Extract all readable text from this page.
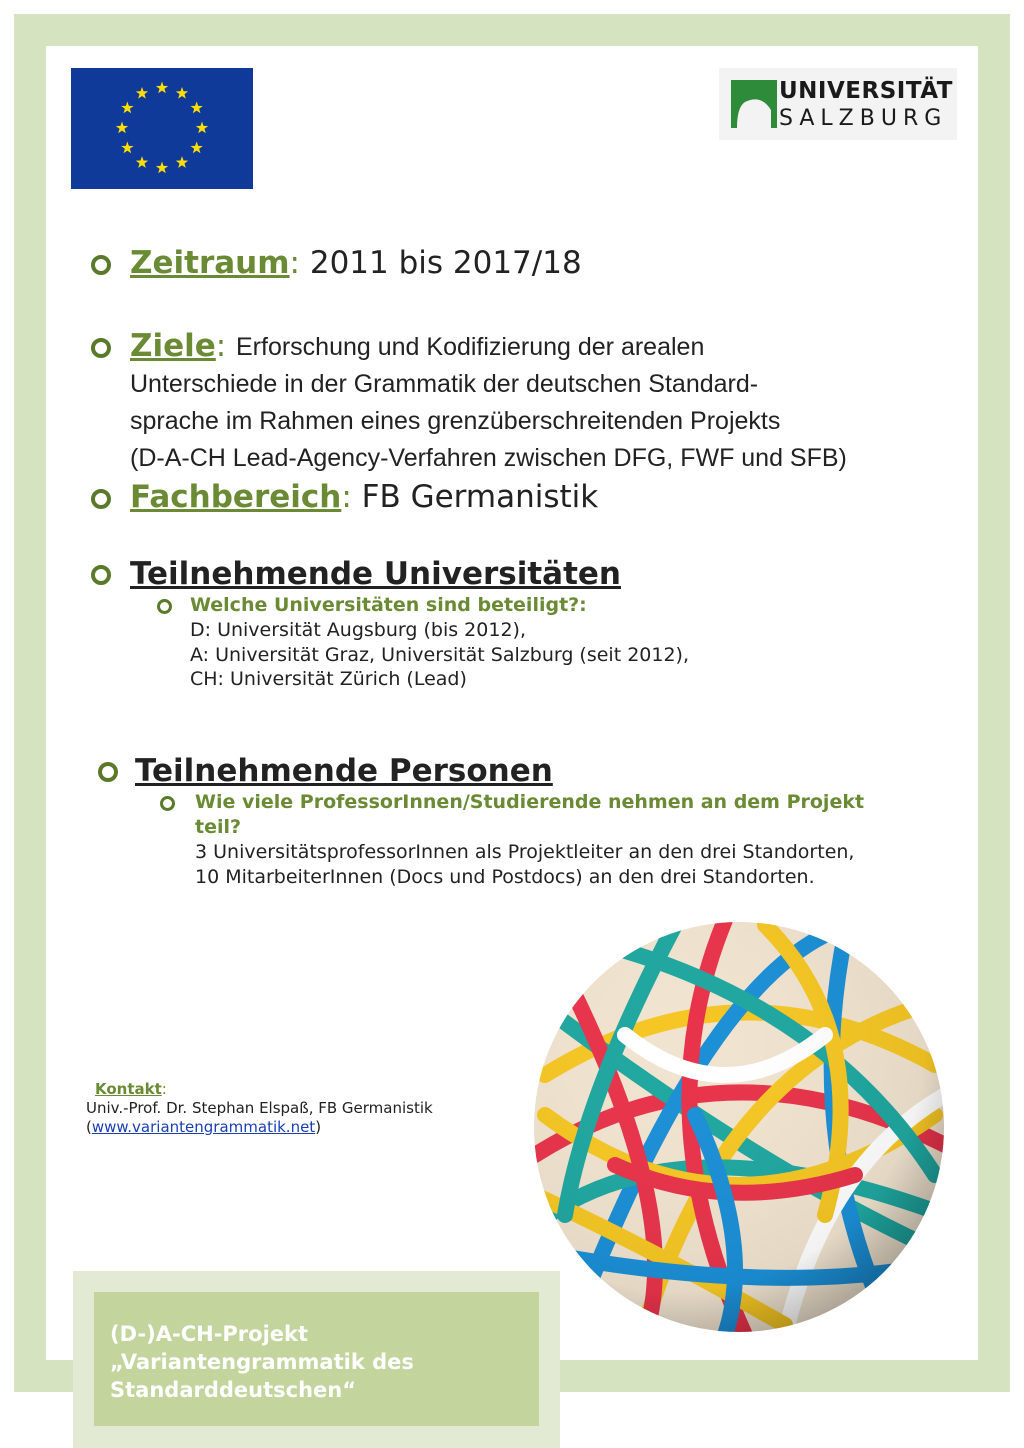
UNIVERSITÄT
SALZBURG
Zeitraum: 2011 bis 2017/18
Ziele: Erforschung und Kodifizierung der arealen
Unterschiede in der Grammatik der deutschen Standard-
sprache im Rahmen eines grenzüberschreitenden Projekts
(D-A-CH Lead-Agency-Verfahren zwischen DFG, FWF und SFB)
Fachbereich: FB Germanistik
Teilnehmende Universitäten
Welche Universitäten sind beteiligt?:
D: Universität Augsburg (bis 2012),
A: Universität Graz, Universität Salzburg (seit 2012),
CH: Universität Zürich (Lead)
Teilnehmende Personen
Wie viele ProfessorInnen/Studierende nehmen an dem Projekt
teil?
3 UniversitätsprofessorInnen als Projektleiter an den drei Standorten,
10 MitarbeiterInnen (Docs und Postdocs) an den drei Standorten.
Kontakt:
Univ.-Prof. Dr. Stephan Elspaß, FB Germanistik
(www.variantengrammatik.net)
(D-)A-CH-Projekt
„Variantengrammatik des
Standarddeutschen“
